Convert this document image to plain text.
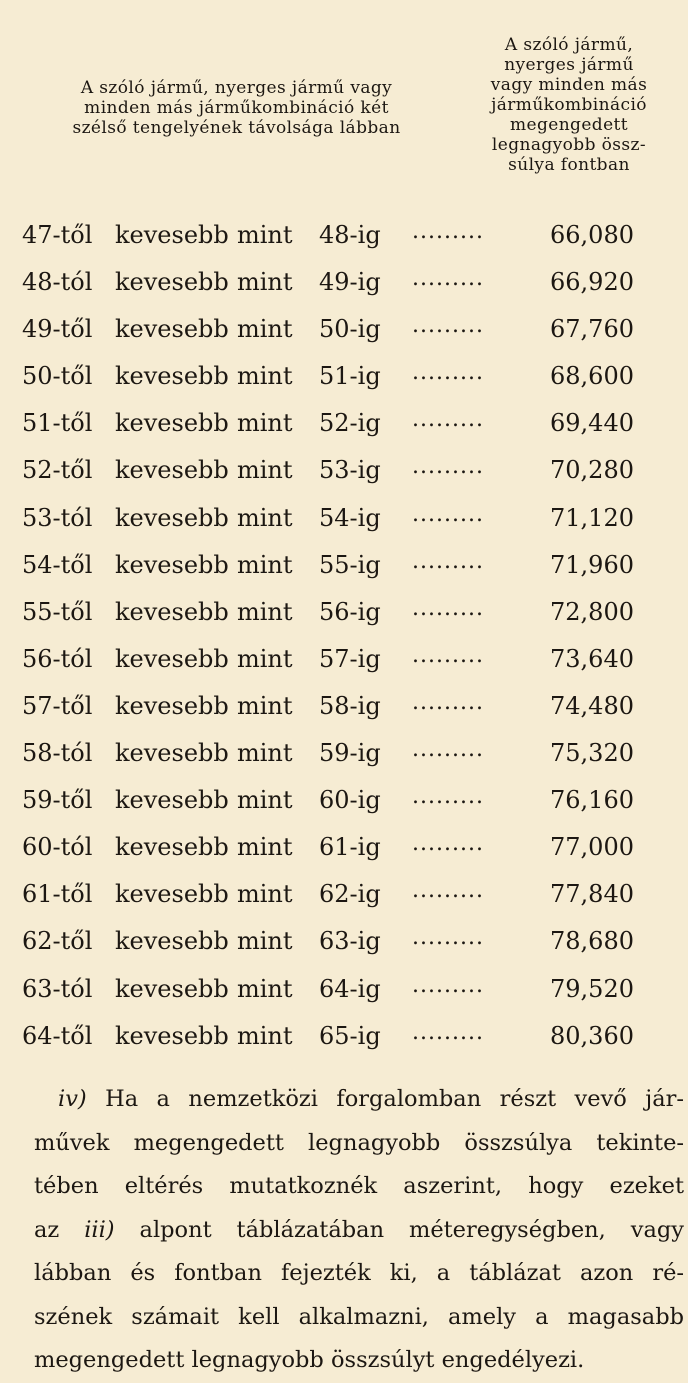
A szóló jármű, nyerges jármű vagy
minden más járműkombináció két
szélső tengelyének távolsága lábban
A szóló jármű,
nyerges jármű
vagy minden más
járműkombináció
megengedett
legnagyobb össz-
súlya fontban
47-től kevesebb mint 48-ig .........	66,080
48-tól kevesebb mint 49-ig .........	66,920
49-től kevesebb mint 50-ig .........	67,760
50-től kevesebb mint 51-ig .........	68,600
51-től kevesebb mint 52-ig .........	69,440
52-től kevesebb mint 53-ig .........	70,280
53-tól kevesebb mint 54-ig .........	71,120
54-től kevesebb mint 55-ig .........	71,960
55-től kevesebb mint 56-ig .........	72,800
56-tól kevesebb mint 57-ig .........	73,640
57-től kevesebb mint 58-ig .........	74,480
58-tól kevesebb mint 59-ig .........	75,320
59-től kevesebb mint 60-ig .........	76,160
60-tól kevesebb mint 61-ig .........	77,000
61-től kevesebb mint 62-ig .........	77,840
62-től kevesebb mint 63-ig .........	78,680
63-tól kevesebb mint 64-ig .........	79,520
64-től kevesebb mint 65-ig .........	80,360
iv) Ha a nemzetközi forgalomban részt vevő jár-
művek megengedett legnagyobb összsúlya tekinte-
tében eltérés mutatkoznék aszerint, hogy ezeket
az iii) alpont táblázatában méteregységben, vagy
lábban és fontban fejezték ki, a táblázat azon ré-
szének számait kell alkalmazni, amely a magasabb
megengedett legnagyobb összsúlyt engedélyezi.
